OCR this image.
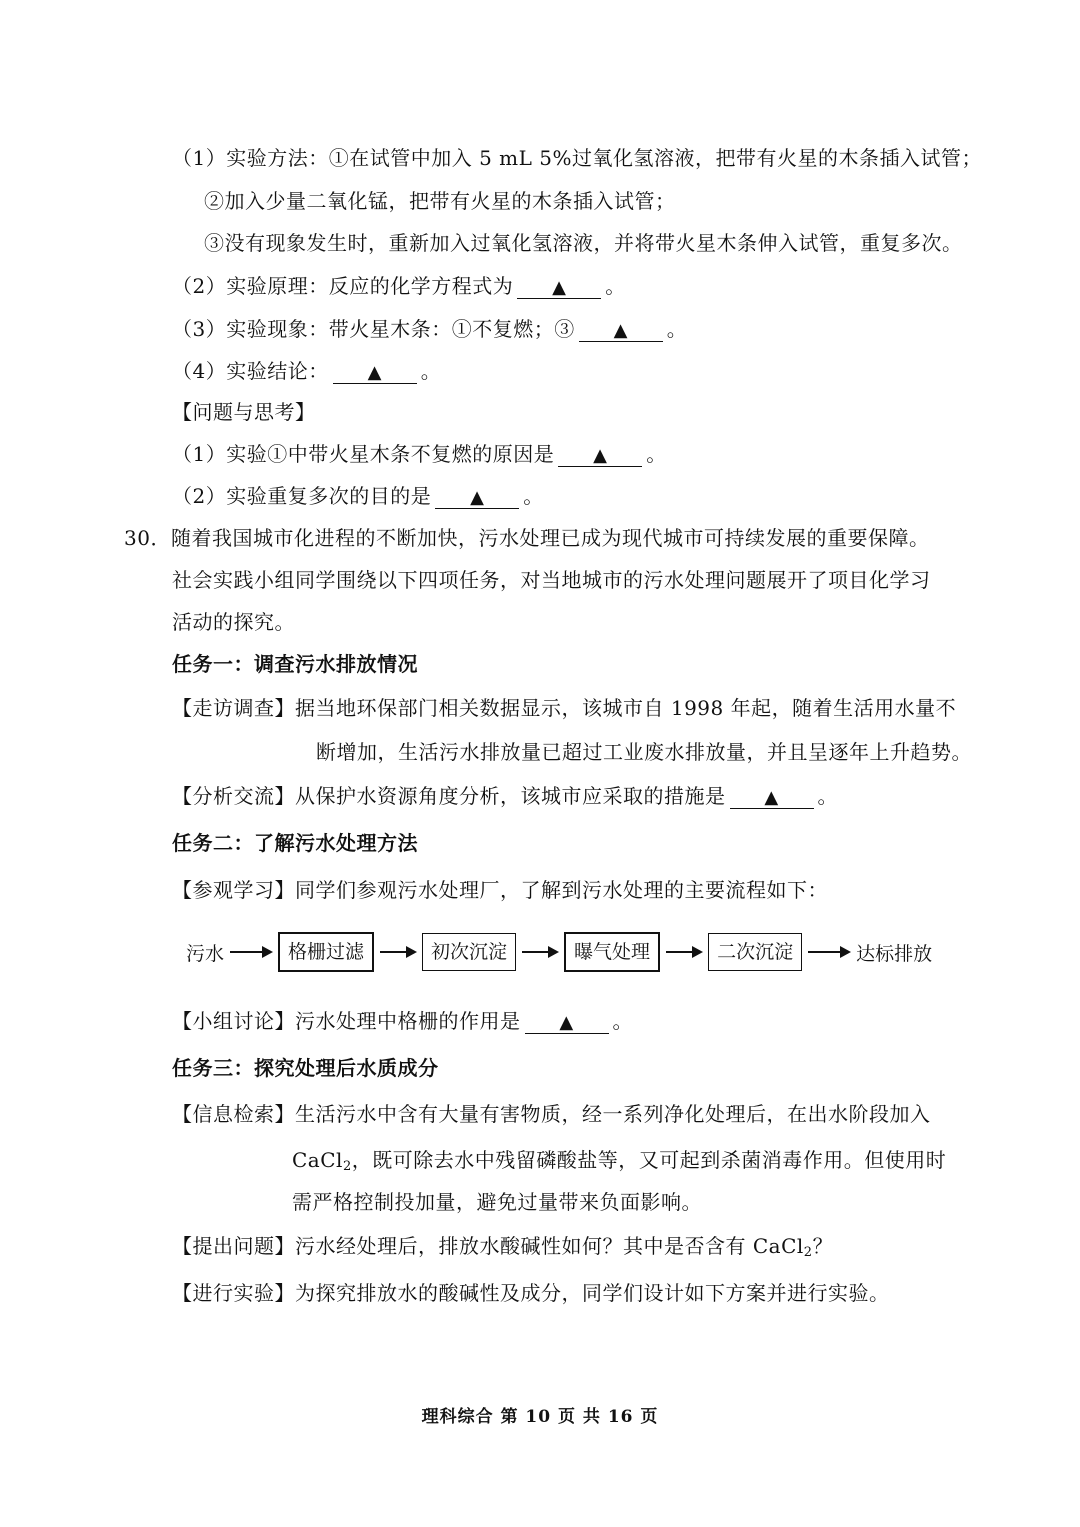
（1）实验方法：①在试管中加入 5 mL 5%过氧化氢溶液，把带有火星的木条插入试管；
②加入少量二氧化锰，把带有火星的木条插入试管；
③没有现象发生时，重新加入过氧化氢溶液，并将带火星木条伸入试管，重复多次。
（2）实验原理：反应的化学方程式为 ▲ 。
（3）实验现象：带火星木条：①不复燃；③ ▲ 。
（4）实验结论： ▲ 。
【问题与思考】
（1）实验①中带火星木条不复燃的原因是 ▲ 。
（2）实验重复多次的目的是 ▲ 。
30．随着我国城市化进程的不断加快，污水处理已成为现代城市可持续发展的重要保障。
社会实践小组同学围绕以下四项任务，对当地城市的污水处理问题展开了项目化学习
活动的探究。
任务一：调查污水排放情况
【走访调查】据当地环保部门相关数据显示，该城市自 1998 年起，随着生活用水量不
断增加，生活污水排放量已超过工业废水排放量，并且呈逐年上升趋势。
【分析交流】从保护水资源角度分析，该城市应采取的措施是 ▲ 。
任务二：了解污水处理方法
【参观学习】同学们参观污水处理厂，了解到污水处理的主要流程如下：
污水	格栅过滤	初次沉淀	曝气处理	二次沉淀	达标排放
【小组讨论】污水处理中格栅的作用是 ▲ 。
任务三：探究处理后水质成分
【信息检索】生活污水中含有大量有害物质，经一系列净化处理后，在出水阶段加入
CaCl$_2$，既可除去水中残留磷酸盐等，又可起到杀菌消毒作用。但使用时
需严格控制投加量，避免过量带来负面影响。
【提出问题】污水经处理后，排放水酸碱性如何？其中是否含有 CaCl$_2$？
【进行实验】为探究排放水的酸碱性及成分，同学们设计如下方案并进行实验。
理科综合 第 10 页 共 16 页
